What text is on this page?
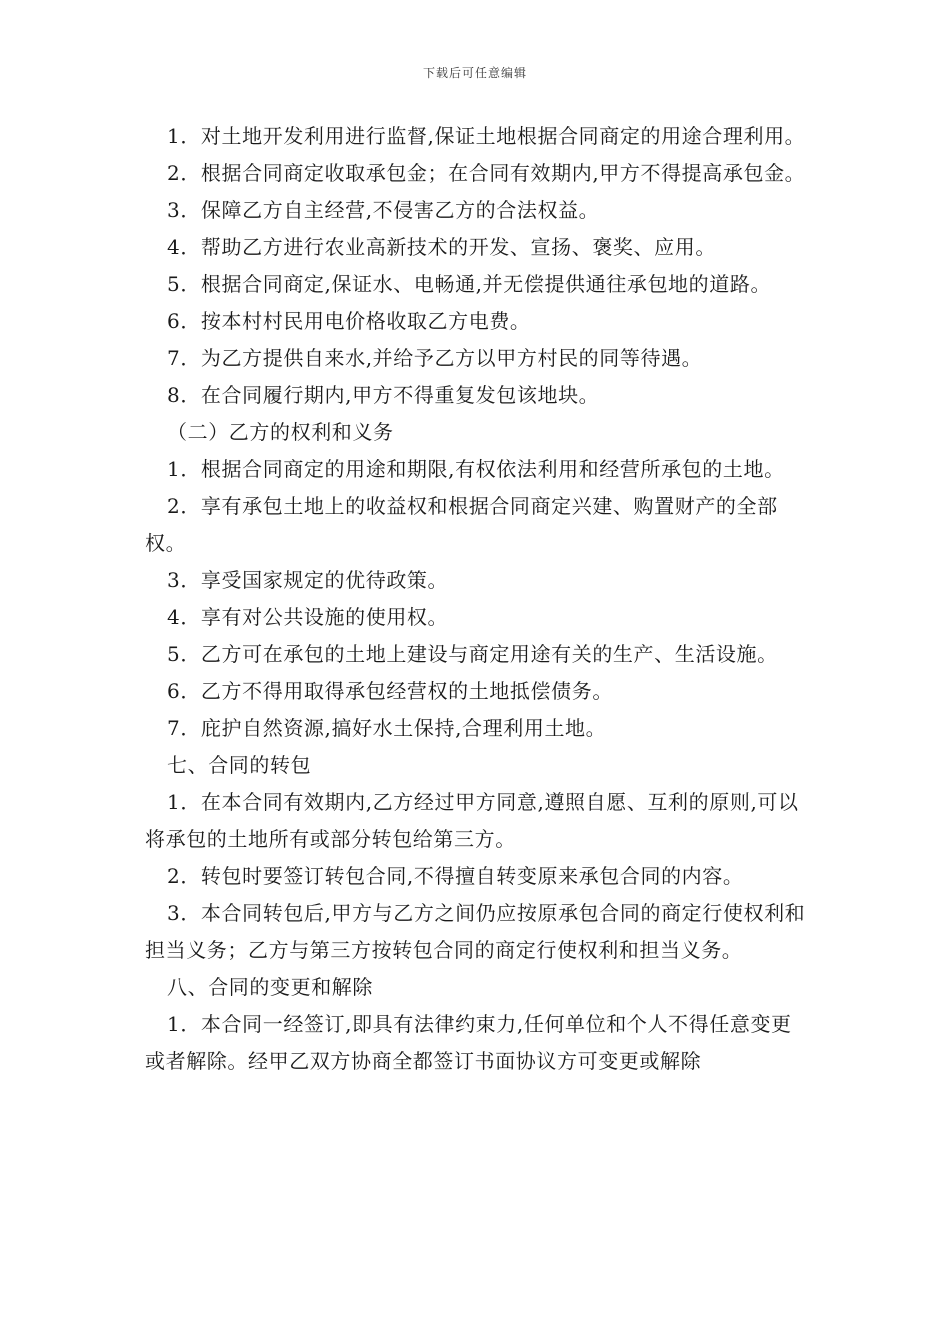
下载后可任意编辑

1．对土地开发利用进行监督,保证土地根据合同商定的用途合理利用。

2．根据合同商定收取承包金；在合同有效期内,甲方不得提高承包金。

3．保障乙方自主经营,不侵害乙方的合法权益。

4．帮助乙方进行农业高新技术的开发、宣扬、褒奖、应用。

5．根据合同商定,保证水、电畅通,并无偿提供通往承包地的道路。

6．按本村村民用电价格收取乙方电费。

7．为乙方提供自来水,并给予乙方以甲方村民的同等待遇。

8．在合同履行期内,甲方不得重复发包该地块。

（二）乙方的权利和义务

1．根据合同商定的用途和期限,有权依法利用和经营所承包的土地。

2．享有承包土地上的收益权和根据合同商定兴建、购置财产的全部权。

3．享受国家规定的优待政策。

4．享有对公共设施的使用权。

5．乙方可在承包的土地上建设与商定用途有关的生产、生活设施。

6．乙方不得用取得承包经营权的土地抵偿债务。

7．庇护自然资源,搞好水土保持,合理利用土地。

七、合同的转包

1．在本合同有效期内,乙方经过甲方同意,遵照自愿、互利的原则,可以将承包的土地所有或部分转包给第三方。

2．转包时要签订转包合同,不得擅自转变原来承包合同的内容。

3．本合同转包后,甲方与乙方之间仍应按原承包合同的商定行使权利和担当义务；乙方与第三方按转包合同的商定行使权利和担当义务。

八、合同的变更和解除

1．本合同一经签订,即具有法律约束力,任何单位和个人不得任意变更或者解除。经甲乙双方协商全都签订书面协议方可变更或解除
